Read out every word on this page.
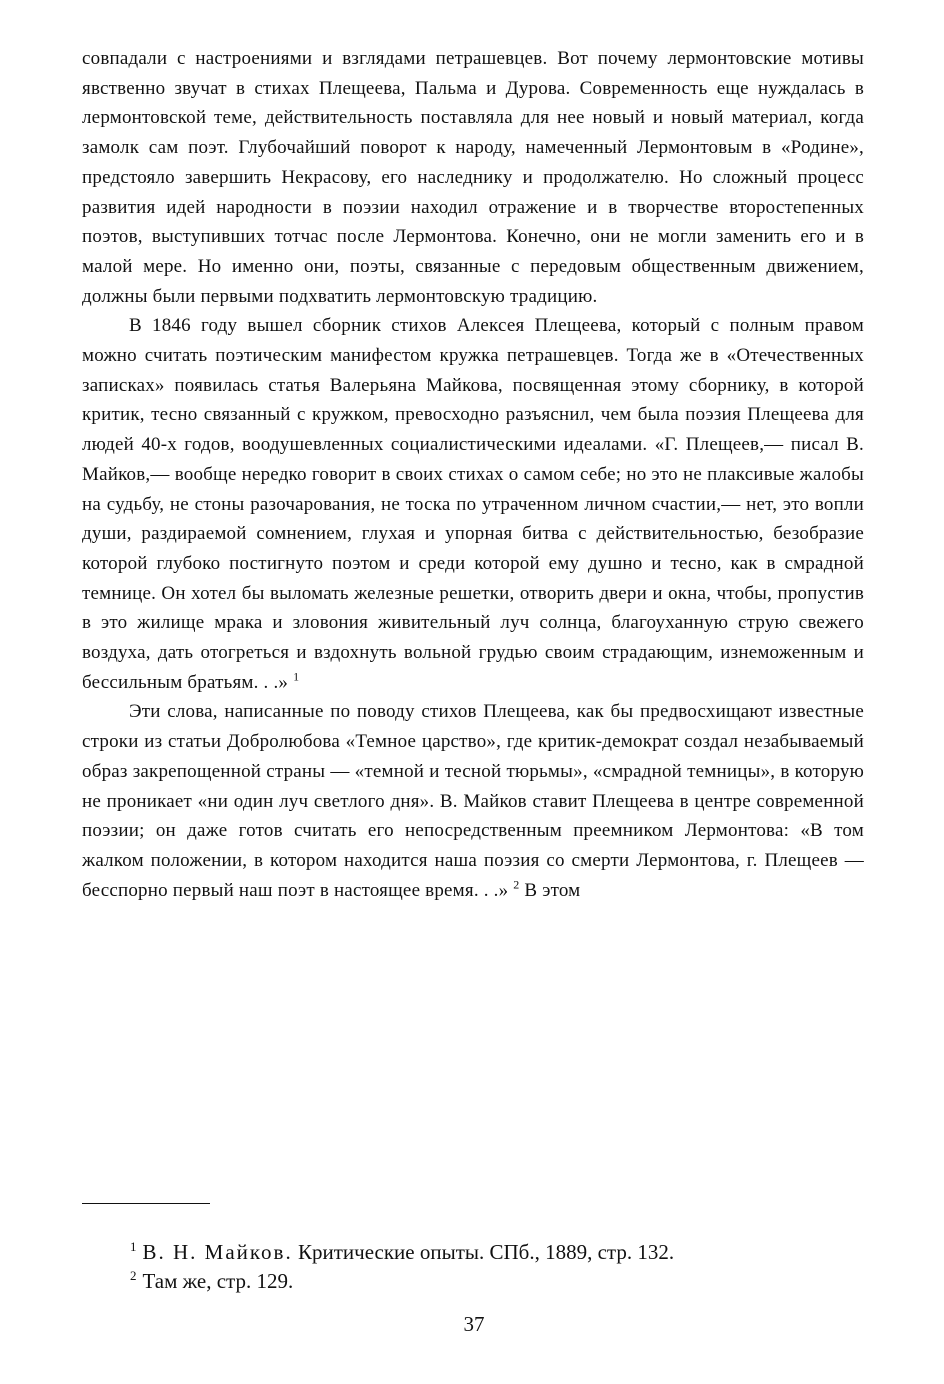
совпадали с настроениями и взглядами петрашевцев. Вот почему лермонтовские мотивы явственно звучат в стихах Плещеева, Пальма и Дурова. Современность еще нуждалась в лермонтовской теме, действительность поставляла для нее новый и новый материал, когда замолк сам поэт. Глубочайший поворот к народу, намеченный Лермонтовым в «Родине», предстояло завершить Некрасову, его наследнику и продолжателю. Но сложный процесс развития идей народности в поэзии находил отражение и в творчестве второстепенных поэтов, выступивших тотчас после Лермонтова. Конечно, они не могли заменить его и в малой мере. Но именно они, поэты, связанные с передовым общественным движением, должны были первыми подхватить лермонтовскую традицию.

В 1846 году вышел сборник стихов Алексея Плещеева, который с полным правом можно считать поэтическим манифестом кружка петрашевцев. Тогда же в «Отечественных записках» появилась статья Валерьяна Майкова, посвященная этому сборнику, в которой критик, тесно связанный с кружком, превосходно разъяснил, чем была поэзия Плещеева для людей 40-х годов, воодушевленных социалистическими идеалами. «Г. Плещеев,— писал В. Майков,— вообще нередко говорит в своих стихах о самом себе; но это не плаксивые жалобы на судьбу, не стоны разочарования, не тоска по утраченном личном счастии,— нет, это вопли души, раздираемой сомнением, глухая и упорная битва с действительностью, безобразие которой глубоко постигнуто поэтом и среди которой ему душно и тесно, как в смрадной темнице. Он хотел бы выломать железные решетки, отворить двери и окна, чтобы, пропустив в это жилище мрака и зловония живительный луч солнца, благоуханную струю свежего воздуха, дать отогреться и вздохнуть вольной грудью своим страдающим, изнеможенным и бессильным братьям. . .» $^1$

Эти слова, написанные по поводу стихов Плещеева, как бы предвосхищают известные строки из статьи Добролюбова «Темное царство», где критик-демократ создал незабываемый образ закрепощенной страны — «темной и тесной тюрьмы», «смрадной темницы», в которую не проникает «ни один луч светлого дня». В. Майков ставит Плещеева в центре современной поэзии; он даже готов считать его непосредственным преемником Лермонтова: «В том жалком положении, в котором находится наша поэзия со смерти Лермонтова, г. Плещеев — бесспорно первый наш поэт в настоящее время. . .» $^2$ В этом

$^1$ В. Н. Майков. Критические опыты. СПб., 1889, стр. 132.

$^2$ Там же, стр. 129.

37
